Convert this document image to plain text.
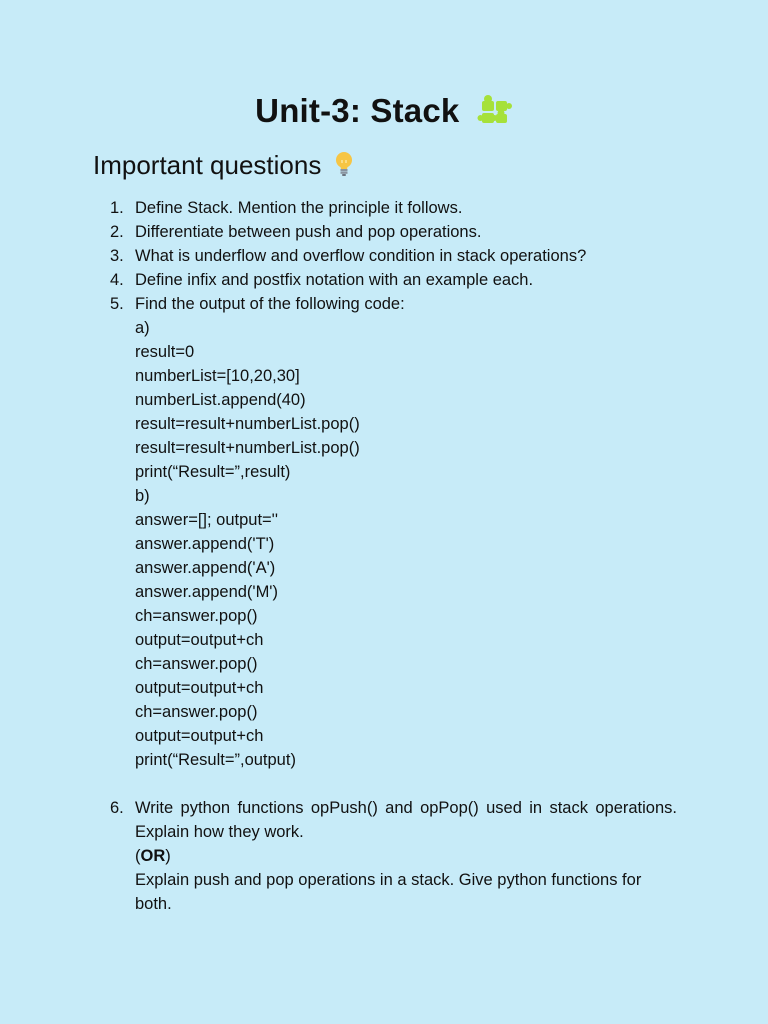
Unit-3: Stack
Important questions
1. Define Stack. Mention the principle it follows.
2. Differentiate between push and pop operations.
3. What is underflow and overflow condition in stack operations?
4. Define infix and postfix notation with an example each.
5. Find the output of the following code:
a)
result=0
numberList=[10,20,30]
numberList.append(40)
result=result+numberList.pop()
result=result+numberList.pop()
print(“Result=”,result)
b)
answer=[]; output=''
answer.append('T')
answer.append('A')
answer.append('M')
ch=answer.pop()
output=output+ch
ch=answer.pop()
output=output+ch
ch=answer.pop()
output=output+ch
print(“Result=”,output)
6. Write python functions opPush() and opPop() used in stack operations. Explain how they work.
(OR)
Explain push and pop operations in a stack. Give python functions for both.
